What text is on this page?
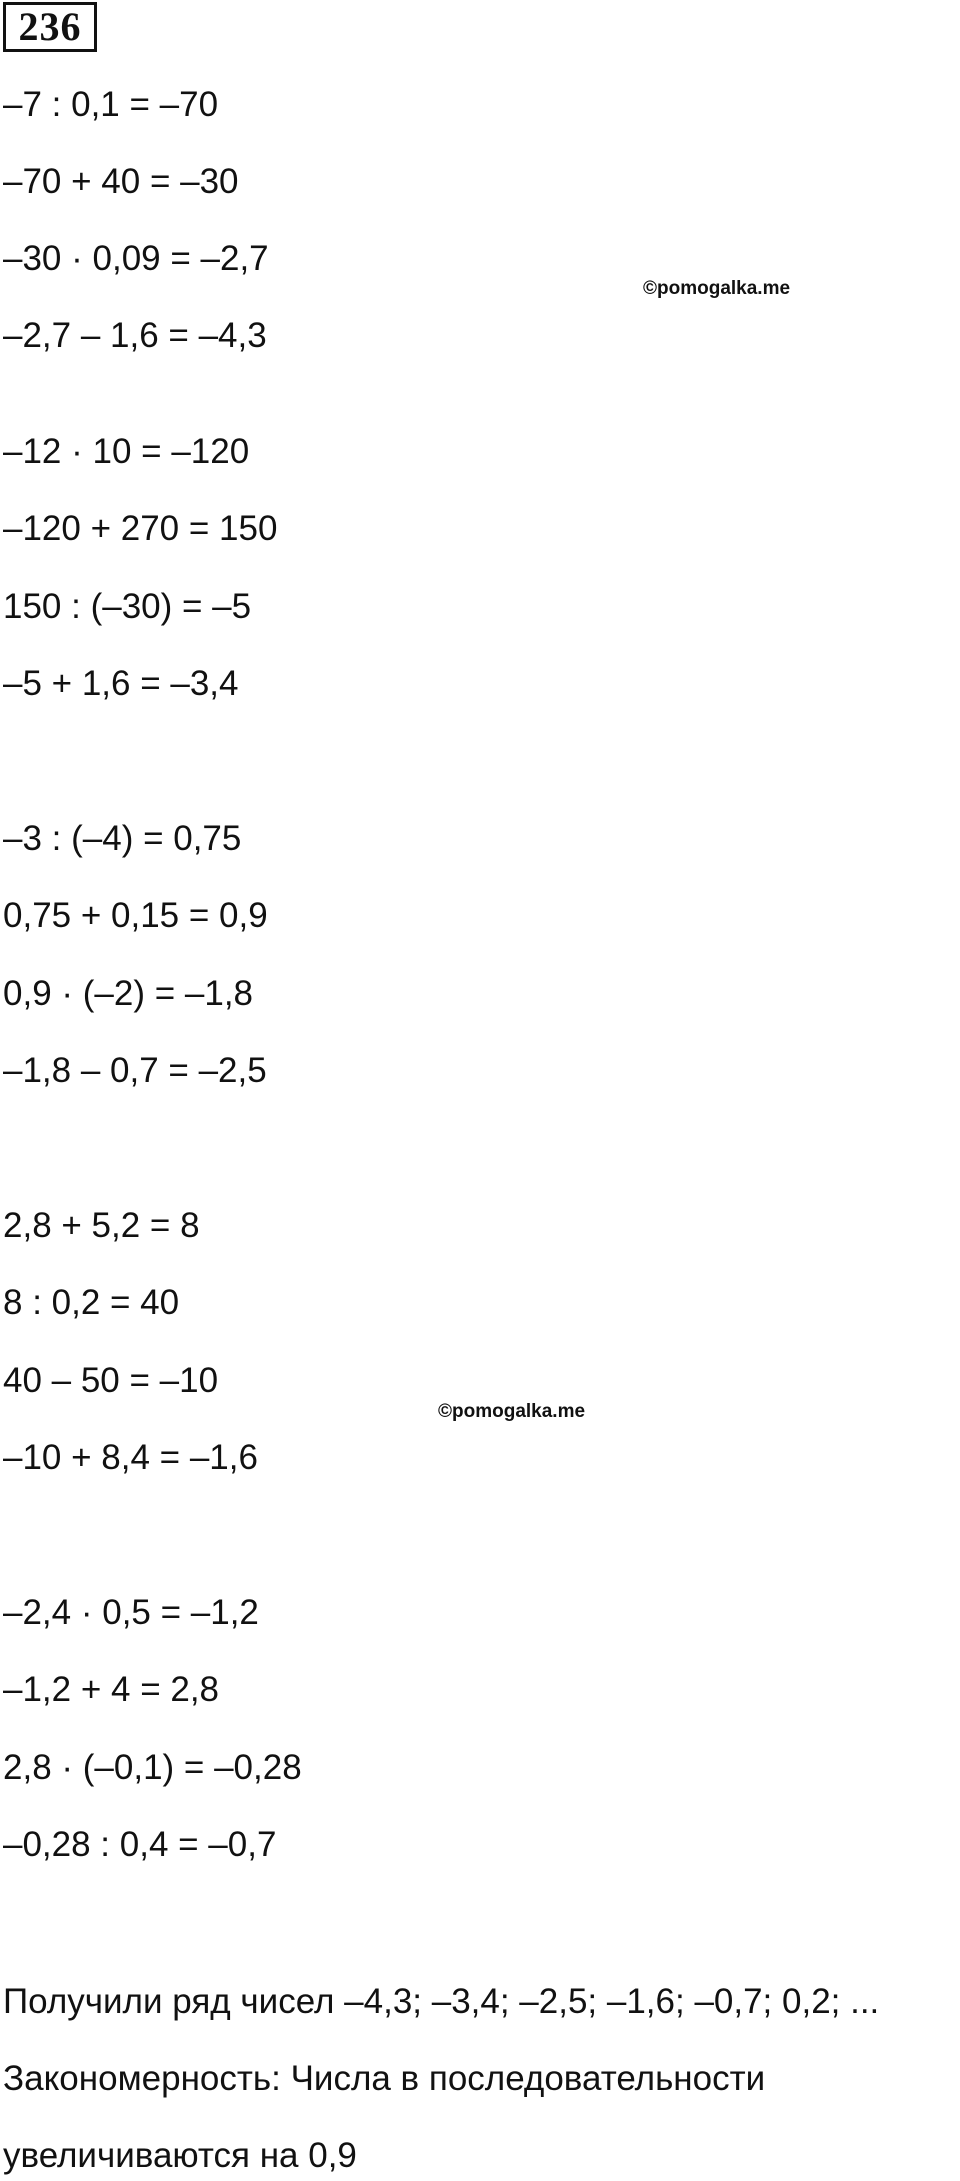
236
–7 : 0,1 = –70
–70 + 40 = –30
–30 · 0,09 = –2,7
–2,7 – 1,6 = –4,3
©pomogalka.me
–12 · 10 = –120
–120 + 270 = 150
150 : (–30) = –5
–5 + 1,6 = –3,4
–3 : (–4) = 0,75
0,75 + 0,15 = 0,9
0,9 · (–2) = –1,8
–1,8 – 0,7 = –2,5
2,8 + 5,2 = 8
8 : 0,2 = 40
40 – 50 = –10
–10 + 8,4 = –1,6
©pomogalka.me
–2,4 · 0,5 = –1,2
–1,2 + 4 = 2,8
2,8 · (–0,1) = –0,28
–0,28 : 0,4 = –0,7
Получили ряд чисел –4,3; –3,4; –2,5; –1,6; –0,7; 0,2; ...
Закономерность: Числа в последовательности
увеличиваются на 0,9
